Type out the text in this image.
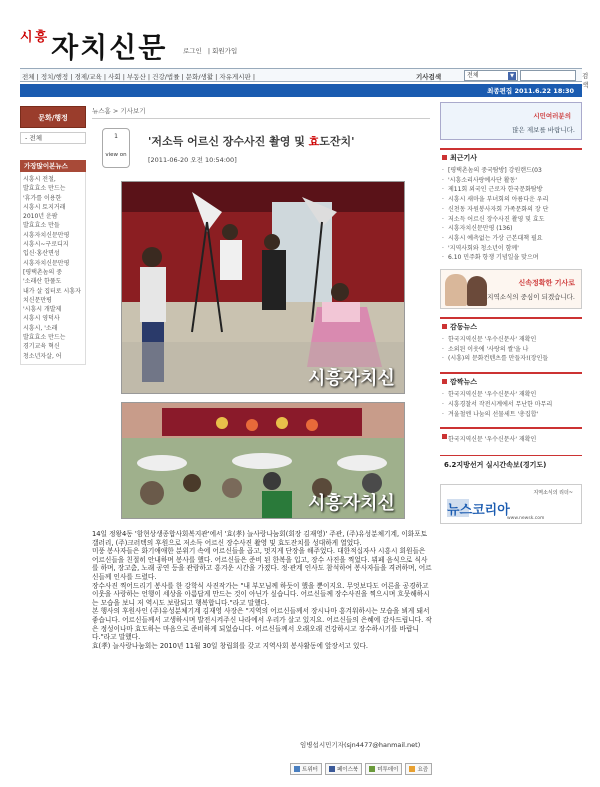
$^{시흥}$자치신문 로그인 | 회원가입
전체 | 정치/행정 | 경제/교육 | 사회 | 부동산 | 건강/법률 | 문화/생활 | 자유게시판 |	기사검색	전체	▼	검색
최종편집 2011.6.22 18:30
문화/행정
- 전체
가장많이본뉴스
시흥시 전철,
발효효소 만드는
'휴가를 이용한
시흥시 토지거래
2010년 운팜
발효효소 만들
시흥자치신문만평
시흥시~구로디지
입신·홍산면성
시흥자치신문만평
[평택촌놈의 중
'소래산 한풀도
내가 살 집터로 시흥자치신문만평
'시흥시 개발제
시흥시 영덕사
시흥시, '소래
발효효소 만드는
경기교육 혁신
청소년자살, 어
뉴스홈 > 기사보기
1
view on
'저소득 어르신 장수사진 촬영 및 효도잔치'
[2011-06-20 오전 10:54:00]
시흥자치신
시흥자치신

14일 정왕4동 '함현상생종합사회복지관'에서 '효(孝) 늘사랑나눔회(회장 김재영)' 주관, (주)유성분체기계, 이화포토갤러리, (주)크러텍의 후원으로 저소득 어르신 장수사진 촬영 및 효도잔치를 성대하게 열었다.

미풍 봉사자들은 화기애애한 분위기 속에 어르신들을 곱고, 멋지게 단장을 해주었다. 대한적십자사 시흥시 회원들은 어르신들을 친절히 안내하며 봉사를 했다. 어르신들은 준비 된 한복을 입고, 장수 사진을 찍었다. 뷔페 음식으로 식사를 하며, 장고춤, 노래 공연 등을 관람하고 흥겨운 시간을 가졌다. 정·관계 인사도 참석하여 봉사자들을 격려하며, 어르신들께 인사를 드렸다.

장수사진 찍어드리기 봉사를 한 강학식 사진작가는 "내 부모님께 하듯이 했을 뿐이지요. 무엇보다도 어른을 공경하고 이웃을 사랑하는 언행이 세상을 아름답게 만드는 것이 아닌가 싶습니다. 어르신들께 장수사진을 찍으시며 흐뭇해하시는 모습을 보니 저 역시도 보람되고 행복합니다."라고 말했다.

본 행사의 후원사인 (주)유성분체기계 김재영 사장은 "지역의 어르신들께서 장시나마 흥겨워하시는 모습을 뵈게 돼서 좋습니다. 어르신들께서 고생하시며 발전시켜주신 나라에서 우리가 살고 있지요. 어르신들의 은혜에 감사드립니다. 작은 정성이나마 효도하는 마음으로 준비하게 되었습니다. 어르신들께서 오래오래 건강하시고 장수하시기를 바랍니다."라고 말했다.

효(孝) 늘사랑나눔회는 2010년 11월 30일 창립회를 갖고 지역사회 봉사활동에 앞장서고 있다.

임병섭시민기자(sjn4477@hanmail.net)
트위터	페이스북	미투데이	요즘
시민여러분의
많은 제보를 바랍니다.
최근기사
· [평택촌놈의 중국탐방] 강원랜드(03
· '시흥소리사랑예사단 활동'
· 제11회 외국인 근로자 한국문화탐방
· 시흥시 새마을 부녀회의 아름다운 우리
· 신천동 자원봉사자회 가족문화의 장 단
· 저소득 어르신 장수사진 촬영 및 효도
· 시흥자치신문만평 (136)
· 시흥시 예측없는 가상 근본대책 필요
· '지역사회와 청소년이 함께'
· 6.10 민주화 항쟁 기념일을 맞으며
신속정확한 기사로
지역소식의 중심이 되겠습니다.
감동뉴스
· 한국지역신문 '우수신문사' 재확인
· 소외된 이웃에 '사랑의 쌀'을 나
· (시흥)의 문화컨텐츠를 만들자!(장인들
깜짝뉴스
· 한국지역신문 '우수신문사' 재확인
· 시흥경찰서 작전시계에서 무난한 마무리
· 겨울철엔 나눔의 선물세트 '총집합'
· 한국지역신문 '우수신문사' 재확인
6.2지방선거 실시간속보(경기도)
지역소식의 리더~
뉴스코리아
www.newsk.com
